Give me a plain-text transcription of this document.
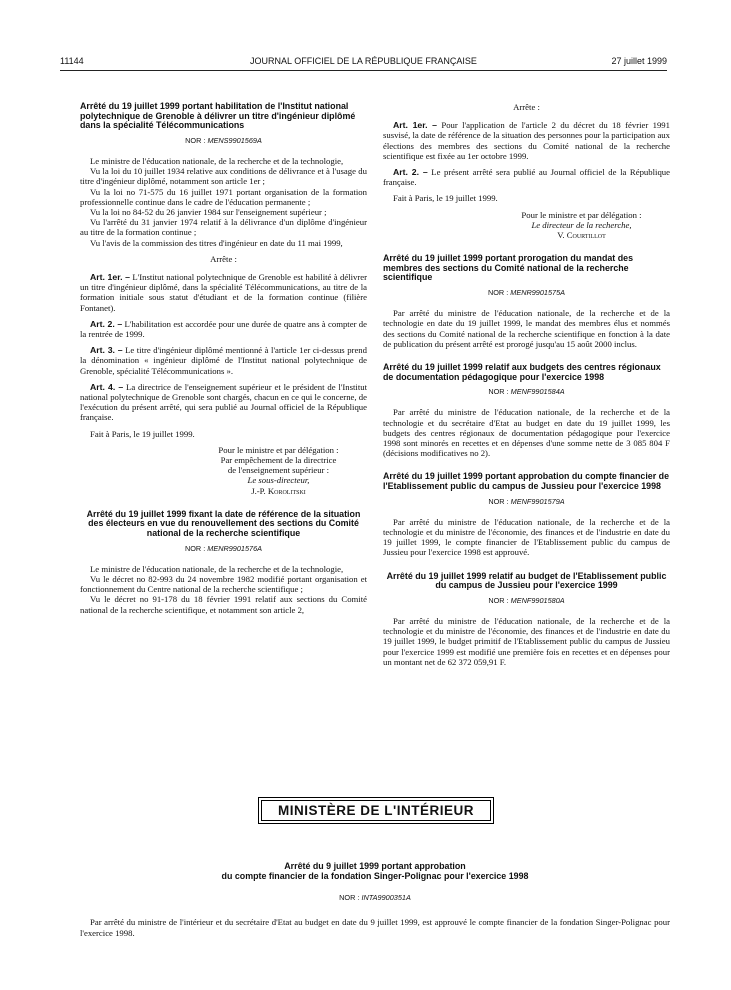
11144	JOURNAL OFFICIEL DE LA RÉPUBLIQUE FRANÇAISE	27 juillet 1999
Arrêté du 19 juillet 1999 portant habilitation de l'Institut national polytechnique de Grenoble à délivrer un titre d'ingénieur diplômé dans la spécialité Télécommunications
NOR : MENS9901569A

Le ministre de l'éducation nationale, de la recherche et de la technologie,

Vu la loi du 10 juillet 1934 relative aux conditions de délivrance et à l'usage du titre d'ingénieur diplômé, notamment son article 1er ;

Vu la loi no 71-575 du 16 juillet 1971 portant organisation de la formation professionnelle continue dans le cadre de l'éducation permanente ;

Vu la loi no 84-52 du 26 janvier 1984 sur l'enseignement supérieur ;

Vu l'arrêté du 31 janvier 1974 relatif à la délivrance d'un diplôme d'ingénieur au titre de la formation continue ;

Vu l'avis de la commission des titres d'ingénieur en date du 11 mai 1999,

Arrête :

Art. 1er. – L'Institut national polytechnique de Grenoble est habilité à délivrer un titre d'ingénieur diplômé, dans la spécialité Télécommunications, au titre de la formation initiale sous statut d'étudiant et de la formation continue (filière Fontanet).

Art. 2. – L'habilitation est accordée pour une durée de quatre ans à compter de la rentrée de 1999.

Art. 3. – Le titre d'ingénieur diplômé mentionné à l'article 1er ci-dessus prend la dénomination « ingénieur diplômé de l'Institut national polytechnique de Grenoble, spécialité Télécommunications ».

Art. 4. – La directrice de l'enseignement supérieur et le président de l'Institut national polytechnique de Grenoble sont chargés, chacun en ce qui le concerne, de l'exécution du présent arrêté, qui sera publié au Journal officiel de la République française.

Fait à Paris, le 19 juillet 1999.

Pour le ministre et par délégation :
Par empêchement de la directrice
de l'enseignement supérieur :
Le sous-directeur,
J.-P. Korolitski
Arrêté du 19 juillet 1999 fixant la date de référence de la situation des électeurs en vue du renouvellement des sections du Comité national de la recherche scientifique
NOR : MENR9901576A

Le ministre de l'éducation nationale, de la recherche et de la technologie,

Vu le décret no 82-993 du 24 novembre 1982 modifié portant organisation et fonctionnement du Centre national de la recherche scientifique ;

Vu le décret no 91-178 du 18 février 1991 relatif aux sections du Comité national de la recherche scientifique, et notamment son article 2,

Arrête :

Art. 1er. – Pour l'application de l'article 2 du décret du 18 février 1991 susvisé, la date de référence de la situation des personnes pour la participation aux élections des membres des sections du Comité national de la recherche scientifique est fixée au 1er octobre 1999.

Art. 2. – Le présent arrêté sera publié au Journal officiel de la République française.

Fait à Paris, le 19 juillet 1999.

Pour le ministre et par délégation :
Le directeur de la recherche,
V. Courtillot
Arrêté du 19 juillet 1999 portant prorogation du mandat des membres des sections du Comité national de la recherche scientifique
NOR : MENR9901575A

Par arrêté du ministre de l'éducation nationale, de la recherche et de la technologie en date du 19 juillet 1999, le mandat des membres élus et nommés des sections du Comité national de la recherche scientifique en fonction à la date de publication du présent arrêté est prorogé jusqu'au 15 août 2000 inclus.

Arrêté du 19 juillet 1999 relatif aux budgets des centres régionaux de documentation pédagogique pour l'exercice 1998
NOR : MENF9901584A

Par arrêté du ministre de l'éducation nationale, de la recherche et de la technologie et du secrétaire d'Etat au budget en date du 19 juillet 1999, les budgets des centres régionaux de documentation pédagogique pour l'exercice 1998 sont minorés en recettes et en dépenses d'une somme nette de 3 085 804 F (décisions modificatives no 2).

Arrêté du 19 juillet 1999 portant approbation du compte financier de l'Etablissement public du campus de Jussieu pour l'exercice 1998
NOR : MENF9901579A

Par arrêté du ministre de l'éducation nationale, de la recherche et de la technologie et du ministre de l'économie, des finances et de l'industrie en date du 19 juillet 1999, le compte financier de l'Etablissement public du campus de Jussieu pour l'exercice 1998 est approuvé.

Arrêté du 19 juillet 1999 relatif au budget de l'Etablissement public du campus de Jussieu pour l'exercice 1999
NOR : MENF9901580A

Par arrêté du ministre de l'éducation nationale, de la recherche et de la technologie et du ministre de l'économie, des finances et de l'industrie en date du 19 juillet 1999, le budget primitif de l'Etablissement public du campus de Jussieu pour l'exercice 1999 est modifié une première fois en recettes et en dépenses pour un montant net de 62 372 059,91 F.

MINISTÈRE DE L'INTÉRIEUR
Arrêté du 9 juillet 1999 portant approbation
du compte financier de la fondation Singer-Polignac pour l'exercice 1998
NOR : INTA9900351A

Par arrêté du ministre de l'intérieur et du secrétaire d'Etat au budget en date du 9 juillet 1999, est approuvé le compte financier de la fondation Singer-Polignac pour l'exercice 1998.
